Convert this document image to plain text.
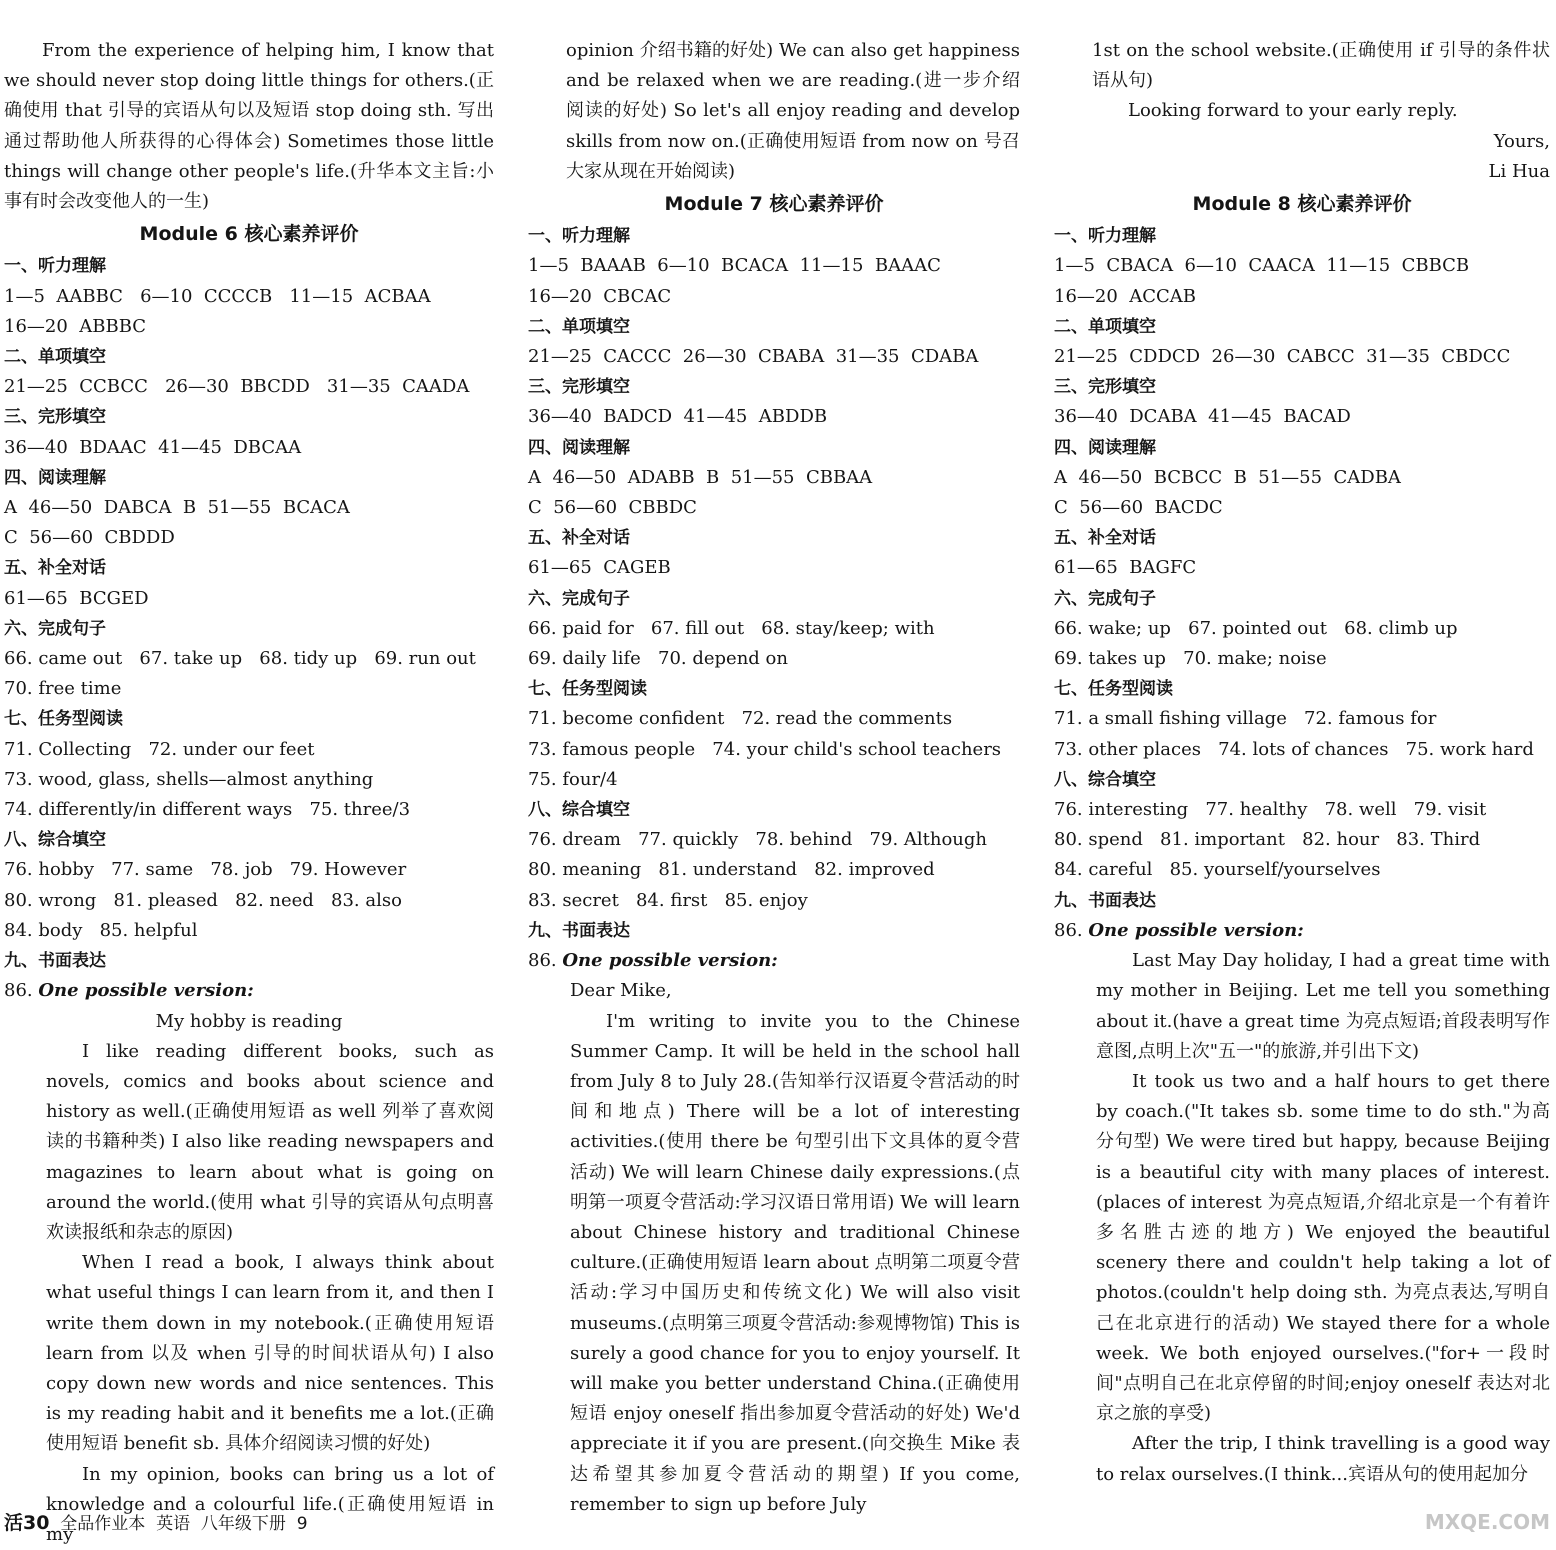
From the experience of helping him, I know that we should never stop doing little things for others.(正确使用 that 引导的宾语从句以及短语 stop doing sth. 写出通过帮助他人所获得的心得体会) Sometimes those little things will change other people's life.(升华本文主旨:小事有时会改变他人的一生)

Module 6 核心素养评价
一、听力理解
1—5  AABBC   6—10  CCCCB   11—15  ACBAA
16—20  ABBBC
二、单项填空
21—25  CCBCC   26—30  BBCDD   31—35  CAADA
三、完形填空
36—40  BDAAC  41—45  DBCAA
四、阅读理解
A  46—50  DABCA  B  51—55  BCACA
C  56—60  CBDDD
五、补全对话
61—65  BCGED
六、完成句子
66. came out   67. take up   68. tidy up   69. run out
70. free time
七、任务型阅读
71. Collecting   72. under our feet
73. wood, glass, shells—almost anything
74. differently/in different ways   75. three/3
八、综合填空
76. hobby   77. same   78. job   79. However
80. wrong   81. pleased   82. need   83. also
84. body   85. helpful
九、书面表达
86. One possible version:
My hobby is reading

I like reading different books, such as novels, comics and books about science and history as well.(正确使用短语 as well 列举了喜欢阅读的书籍种类) I also like reading newspapers and magazines to learn about what is going on around the world.(使用 what 引导的宾语从句点明喜欢读报纸和杂志的原因)

When I read a book, I always think about what useful things I can learn from it, and then I write them down in my notebook.(正确使用短语 learn from 以及 when 引导的时间状语从句) I also copy down new words and nice sentences. This is my reading habit and it benefits me a lot.(正确使用短语 benefit sb. 具体介绍阅读习惯的好处)

In my opinion, books can bring us a lot of knowledge and a colourful life.(正确使用短语 in my

opinion 介绍书籍的好处) We can also get happiness and be relaxed when we are reading.(进一步介绍阅读的好处) So let's all enjoy reading and develop skills from now on.(正确使用短语 from now on 号召大家从现在开始阅读)

Module 7 核心素养评价
一、听力理解
1—5  BAAAB  6—10  BCACA  11—15  BAAAC
16—20  CBCAC
二、单项填空
21—25  CACCC  26—30  CBABA  31—35  CDABA
三、完形填空
36—40  BADCD  41—45  ABDDB
四、阅读理解
A  46—50  ADABB  B  51—55  CBBAA
C  56—60  CBBDC
五、补全对话
61—65  CAGEB
六、完成句子
66. paid for   67. fill out   68. stay/keep; with
69. daily life   70. depend on
七、任务型阅读
71. become confident   72. read the comments
73. famous people   74. your child's school teachers
75. four/4
八、综合填空
76. dream   77. quickly   78. behind   79. Although
80. meaning   81. understand   82. improved
83. secret   84. first   85. enjoy
九、书面表达
86. One possible version:
Dear Mike,

I'm writing to invite you to the Chinese Summer Camp. It will be held in the school hall from July 8 to July 28.(告知举行汉语夏令营活动的时间和地点) There will be a lot of interesting activities.(使用 there be 句型引出下文具体的夏令营活动) We will learn Chinese daily expressions.(点明第一项夏令营活动:学习汉语日常用语) We will learn about Chinese history and traditional Chinese culture.(正确使用短语 learn about 点明第二项夏令营活动:学习中国历史和传统文化) We will also visit museums.(点明第三项夏令营活动:参观博物馆) This is surely a good chance for you to enjoy yourself. It will make you better understand China.(正确使用短语 enjoy oneself 指出参加夏令营活动的好处) We'd appreciate it if you are present.(向交换生 Mike 表达希望其参加夏令营活动的期望) If you come, remember to sign up before July

1st on the school website.(正确使用 if 引导的条件状语从句)

Looking forward to your early reply.

Yours,
Li Hua
Module 8 核心素养评价
一、听力理解
1—5  CBACA  6—10  CAACA  11—15  CBBCB
16—20  ACCAB
二、单项填空
21—25  CDDCD  26—30  CABCC  31—35  CBDCC
三、完形填空
36—40  DCABA  41—45  BACAD
四、阅读理解
A  46—50  BCBCC  B  51—55  CADBA
C  56—60  BACDC
五、补全对话
61—65  BAGFC
六、完成句子
66. wake; up   67. pointed out   68. climb up
69. takes up   70. make; noise
七、任务型阅读
71. a small fishing village   72. famous for
73. other places   74. lots of chances   75. work hard
八、综合填空
76. interesting   77. healthy   78. well   79. visit
80. spend   81. important   82. hour   83. Third
84. careful   85. yourself/yourselves
九、书面表达
86. One possible version:

Last May Day holiday, I had a great time with my mother in Beijing. Let me tell you something about it.(have a great time 为亮点短语;首段表明写作意图,点明上次"五一"的旅游,并引出下文)

It took us two and a half hours to get there by coach.("It takes sb. some time to do sth."为高分句型) We were tired but happy, because Beijing is a beautiful city with many places of interest.(places of interest 为亮点短语,介绍北京是一个有着许多名胜古迹的地方) We enjoyed the beautiful scenery there and couldn't help taking a lot of photos.(couldn't help doing sth. 为亮点表达,写明自己在北京进行的活动) We stayed there for a whole week. We both enjoyed ourselves.("for+一段时间"点明自己在北京停留的时间;enjoy oneself 表达对北京之旅的享受)

After the trip, I think travelling is a good way to relax ourselves.(I think...宾语从句的使用起加分

活30 全品作业本  英语  八年级下册  9	MXQE.COM
